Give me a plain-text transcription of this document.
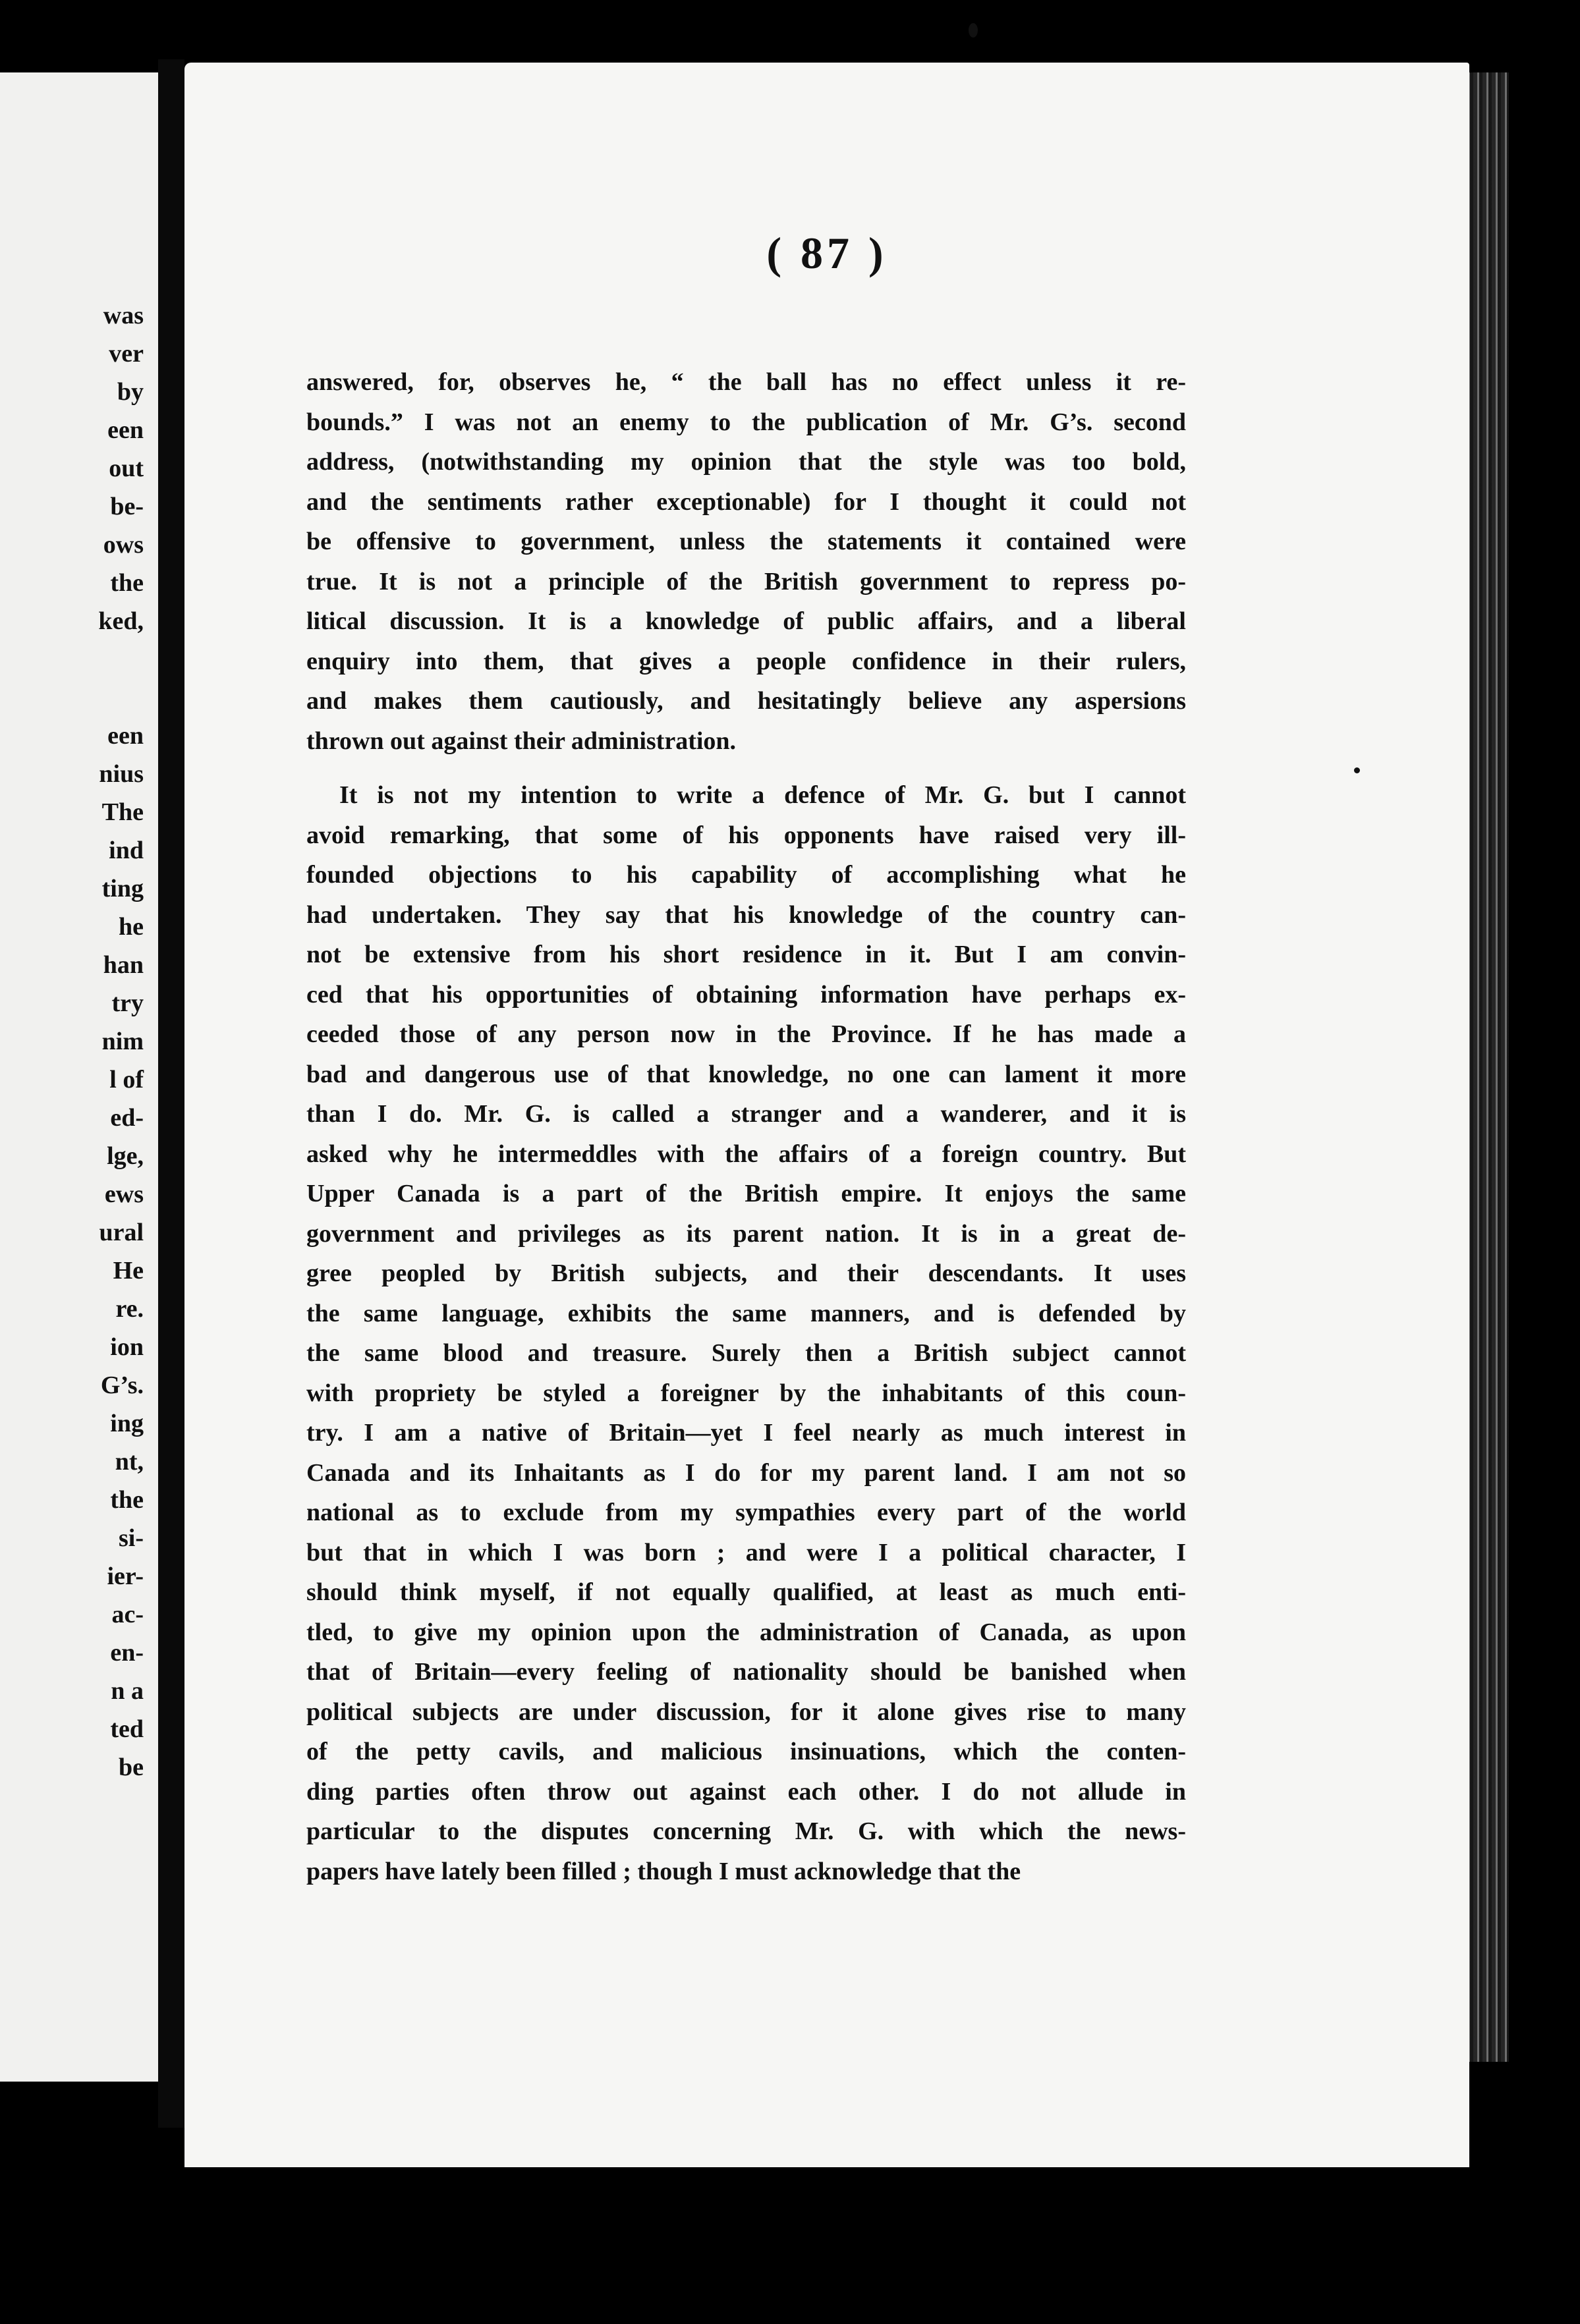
was
ver
by
een
out
be-
ows
the
ked,
een
nius
The
ind
ting
he
han
try
nim
l of
ed-
lge,
ews
ural
He
re.
ion
G’s.
ing
nt,
the
si-
ier-
ac-
en-
n a
ted
be
( 87 )

answered, for, observes he, “ the ball has no effect unless it re-

bounds.” I was not an enemy to the publication of Mr. G’s. second

address, (notwithstanding my opinion that the style was too bold,

and the sentiments rather exceptionable) for I thought it could not

be offensive to government, unless the statements it contained were

true. It is not a principle of the British government to repress po-

litical discussion. It is a knowledge of public affairs, and a liberal

enquiry into them, that gives a people confidence in their rulers,

and makes them cautiously, and hesitatingly believe any aspersions

thrown out against their administration.

It is not my intention to write a defence of Mr. G. but I cannot

avoid remarking, that some of his opponents have raised very ill-

founded objections to his capability of accomplishing what he

had undertaken. They say that his knowledge of the country can-

not be extensive from his short residence in it. But I am convin-

ced that his opportunities of obtaining information have perhaps ex-

ceeded those of any person now in the Province. If he has made a

bad and dangerous use of that knowledge, no one can lament it more

than I do. Mr. G. is called a stranger and a wanderer, and it is

asked why he intermeddles with the affairs of a foreign country. But

Upper Canada is a part of the British empire. It enjoys the same

government and privileges as its parent nation. It is in a great de-

gree peopled by British subjects, and their descendants. It uses

the same language, exhibits the same manners, and is defended by

the same blood and treasure. Surely then a British subject cannot

with propriety be styled a foreigner by the inhabitants of this coun-

try. I am a native of Britain—yet I feel nearly as much interest in

Canada and its Inhaitants as I do for my parent land. I am not so

national as to exclude from my sympathies every part of the world

but that in which I was born ; and were I a political character, I

should think myself, if not equally qualified, at least as much enti-

tled, to give my opinion upon the administration of Canada, as upon

that of Britain—every feeling of nationality should be banished when

political subjects are under discussion, for it alone gives rise to many

of the petty cavils, and malicious insinuations, which the conten-

ding parties often throw out against each other. I do not allude in

particular to the disputes concerning Mr. G. with which the news-

papers have lately been filled ; though I must acknowledge that the
